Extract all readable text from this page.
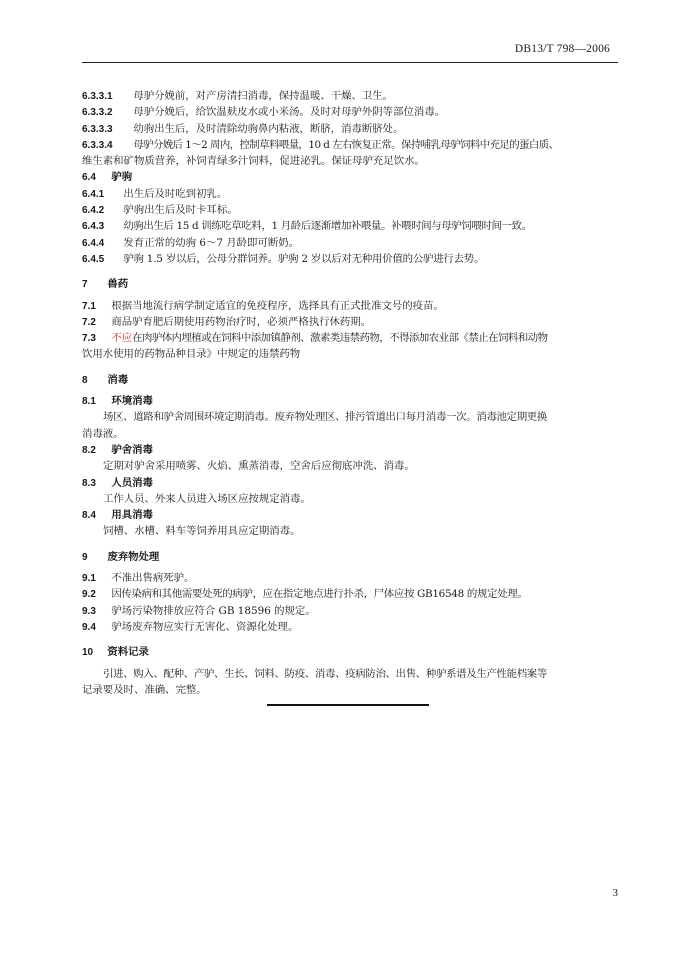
DB13/T 798—2006
6.3.3.1 母驴分娩前，对产房清扫消毒，保持温暖、干燥、卫生。
6.3.3.2 母驴分娩后，给饮温麸皮水或小米汤。及时对母驴外阴等部位消毒。
6.3.3.3 幼驹出生后，及时清除幼驹鼻内粘液，断脐，消毒断脐处。
6.3.3.4 母驴分娩后 1～2 周内，控制草料喂量，10 d 左右恢复正常。保持哺乳母驴饲料中充足的蛋白质、
维生素和矿物质营养，补饲青绿多汁饲料，促进泌乳。保证母驴充足饮水。
6.4 驴驹
6.4.1 出生后及时吃到初乳。
6.4.2 驴驹出生后及时卡耳标。
6.4.3 幼驹出生后 15 d 训练吃草吃料，1 月龄后逐渐增加补喂量。补喂时间与母驴饲喂时间一致。
6.4.4 发育正常的幼驹 6～7 月龄即可断奶。
6.4.5 驴驹 1.5 岁以后，公母分群饲养。驴驹 2 岁以后对无种用价值的公驴进行去势。
7 兽药
7.1 根据当地流行病学制定适宜的免疫程序，选择具有正式批准文号的疫苗。
7.2 商品驴育肥后期使用药物治疗时，必须严格执行休药期。
7.3 不应在肉驴体内埋植或在饲料中添加镇静剂、激素类违禁药物，不得添加农业部《禁止在饲料和动物
饮用水使用的药物品种目录》中规定的违禁药物
8 消毒
8.1 环境消毒
场区、道路和驴舍周围环境定期消毒。废弃物处理区、排污管道出口每月消毒一次。消毒池定期更换
消毒液。
8.2 驴舍消毒
定期对驴舍采用喷雾、火焰、熏蒸消毒，空舍后应彻底冲洗、消毒。
8.3 人员消毒
工作人员、外来人员进入场区应按规定消毒。
8.4 用具消毒
饲槽、水槽、料车等饲养用具应定期消毒。
9 废弃物处理
9.1 不准出售病死驴。
9.2 因传染病和其他需要处死的病驴，应在指定地点进行扑杀，尸体应按 GB16548 的规定处理。
9.3 驴场污染物排放应符合 GB 18596 的规定。
9.4 驴场废弃物应实行无害化、资源化处理。
10 资料记录
引进、购入、配种、产驴、生长、饲料、防疫、消毒、疫病防治、出售、种驴系谱及生产性能档案等
记录要及时、准确、完整。
3
